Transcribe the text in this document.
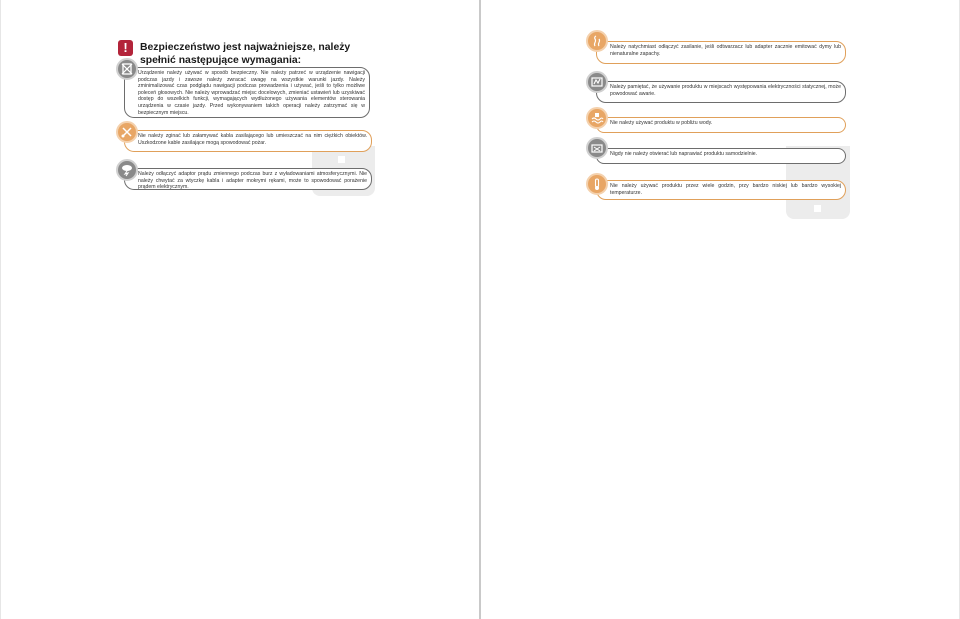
!	Bezpieczeństwo jest najważniejsze, należy spełnić następujące wymagania:
Urządzenie należy używać w sposób bezpieczny. Nie należy patrzeć w urządzenie nawigacji podczas jazdy i zawsze należy zwracać uwagę na wszystkie warunki jazdy. Należy zminimalizować czas podglądu nawigacji podczas prowadzenia i używać, jeśli to tylko możliwe poleceń głosowych. Nie należy wprowadzać miejsc docelowych, zmieniać ustawień lub uzyskiwać dostęp do wszelkich funkcji, wymagających wydłużonego używania elementów sterowania urządzenia w czasie jazdy. Przed wykonywaniem takich operacji należy zatrzymać się w bezpiecznym miejscu.
Nie należy zginać lub załamywać kabla zasilającego lub umieszczać na nim ciężkich obiektów. Uszkodzone kable zasilające mogą spowodować pożar.
Należy odłączyć adaptor prądu zmiennego podczas burz z wyładowaniami atmosferycznymi. Nie należy chwytać za wtyczkę kabla i adapter mokrymi rękami, może to spowodować porażenie prądem elektrycznym.
Należy natychmiast odłączyć zasilanie, jeśli odtwarzacz lub adapter zacznie emitować dymy lub nienaturalne zapachy.
Należy pamiętać, że używanie produktu w miejscach występowania elektryczności statycznej, może powodować awarie.
Nie należy używać produktu w pobliżu wody.
Nigdy nie należy otwierać lub naprawiać produktu samodzielnie.
Nie należy używać produktu przez wiele godzin, przy bardzo niskiej lub bardzo wysokiej temperaturze.
